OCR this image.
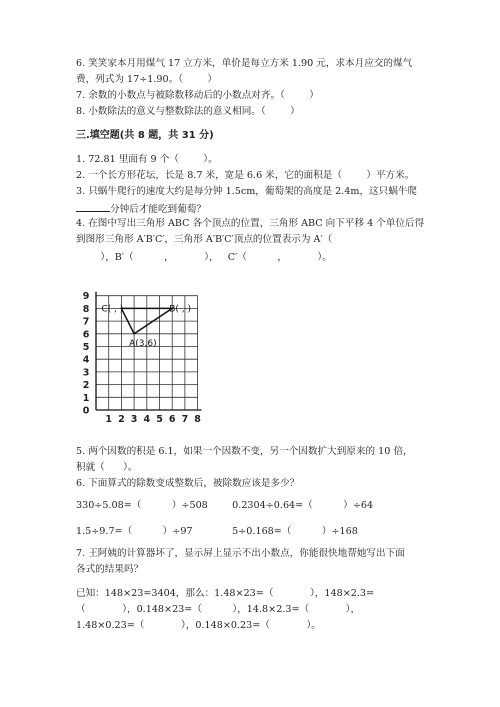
6. 笑笑家本月用煤气 17 立方米，单价是每立方米 1.90 元，求本月应交的煤气
费，列式为 17÷1.90。（        ）
7. 余数的小数点与被除数移动后的小数点对齐。（        ）
8. 小数除法的意义与整数除法的意义相同。（        ）
三.填空题(共 8 题，共 31 分)
1. 72.81 里面有 9 个（        ）。
2. 一个长方形花坛，长是 8.7 米，宽是 6.6 米，它的面积是（        ）平方米。
3. 只蜗牛爬行的速度大约是每分钟 1.5cm，葡萄架的高度是 2.4m，这只蜗牛爬
分钟后才能吃到葡萄？
4. 在图中写出三角形 ABC 各个顶点的位置，三角形 ABC 向下平移 4 个单位后得
到图形三角形 A′B′C′，三角形 A′B′C′顶点的位置表示为 A′（
），B′（          ，          ），   C′（          ，          ）。
9
8
7
6
5
4
3
2
1
0
1 2 3 4 5 6 7 8
C( , )	B( , )
A(3,6)
5. 两个因数的积是 6.1，如果一个因数不变，另一个因数扩大到原来的 10 倍，
积就（      ）。
6. 下面算式的除数变成整数后，被除数应该是多少？
330÷5.08=（          ）÷508        0.2304÷0.64=（          ）÷64
1.5÷9.7=（          ）÷97             5÷0.168=（          ）÷168
7. 王阿姨的计算器坏了，显示屏上显示不出小数点，你能很快地帮她写出下面
各式的结果吗？
已知：148×23=3404，那么：1.48×23=（            ），148×2.3=
（            ），0.148×23=（          ），14.8×2.3=（            ），
1.48×0.23=（            ），0.148×0.23=（            ）。
